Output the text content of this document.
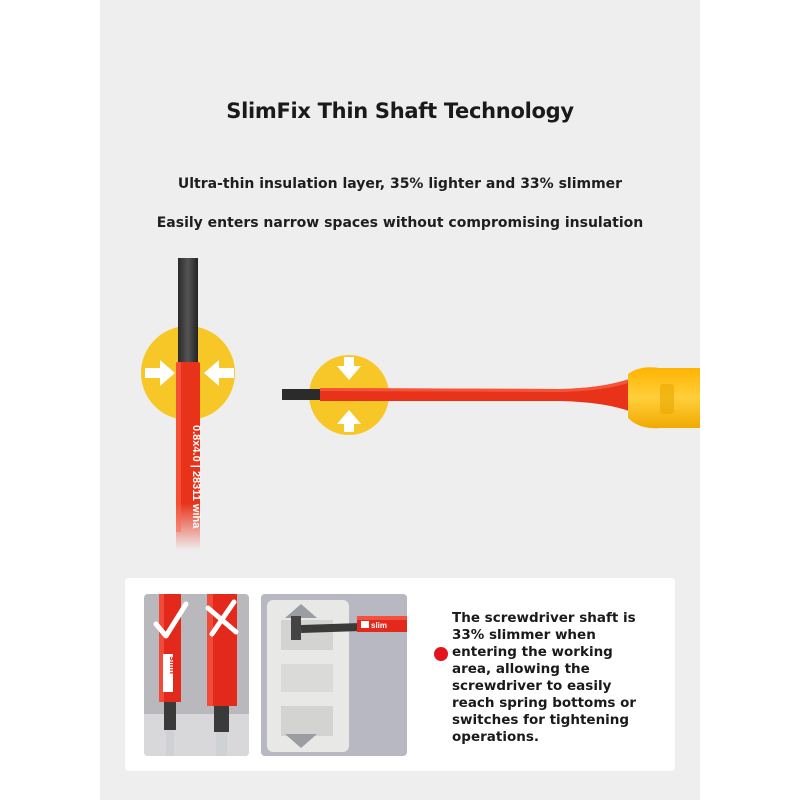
SlimFix Thin Shaft Technology
Ultra-thin insulation layer, 35% lighter and 33% slimmer
Easily enters narrow spaces without compromising insulation
0.8x4.0 | 28311 wiha
slim
slim	The screwdriver shaft is 33% slimmer when entering the working area, allowing the screwdriver to easily reach spring bottoms or switches for tightening operations.
